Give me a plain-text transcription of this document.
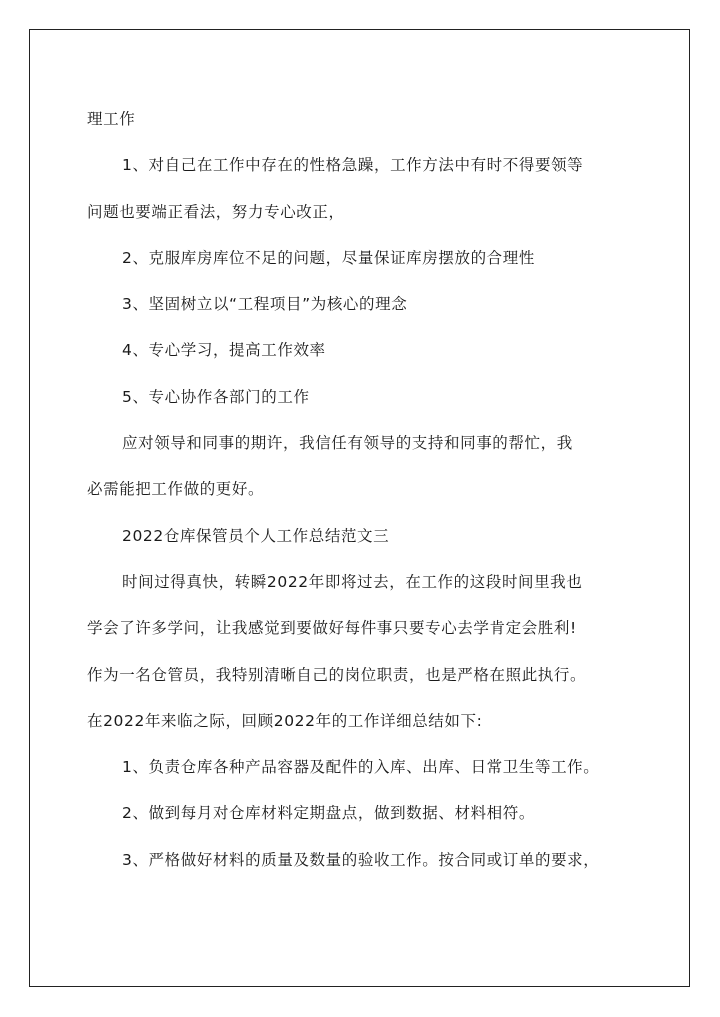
理工作

1、对自己在工作中存在的性格急躁，工作方法中有时不得要领等

问题也要端正看法，努力专心改正，

2、克服库房库位不足的问题，尽量保证库房摆放的合理性

3、坚固树立以“工程项目”为核心的理念

4、专心学习，提高工作效率

5、专心协作各部门的工作

应对领导和同事的期许，我信任有领导的支持和同事的帮忙，我

必需能把工作做的更好。

2022仓库保管员个人工作总结范文三

时间过得真快，转瞬2022年即将过去，在工作的这段时间里我也

学会了许多学问，让我感觉到要做好每件事只要专心去学肯定会胜利!

作为一名仓管员，我特别清晰自己的岗位职责，也是严格在照此执行。

在2022年来临之际，回顾2022年的工作详细总结如下:

1、负责仓库各种产品容器及配件的入库、出库、日常卫生等工作。

2、做到每月对仓库材料定期盘点，做到数据、材料相符。

3、严格做好材料的质量及数量的验收工作。按合同或订单的要求，
